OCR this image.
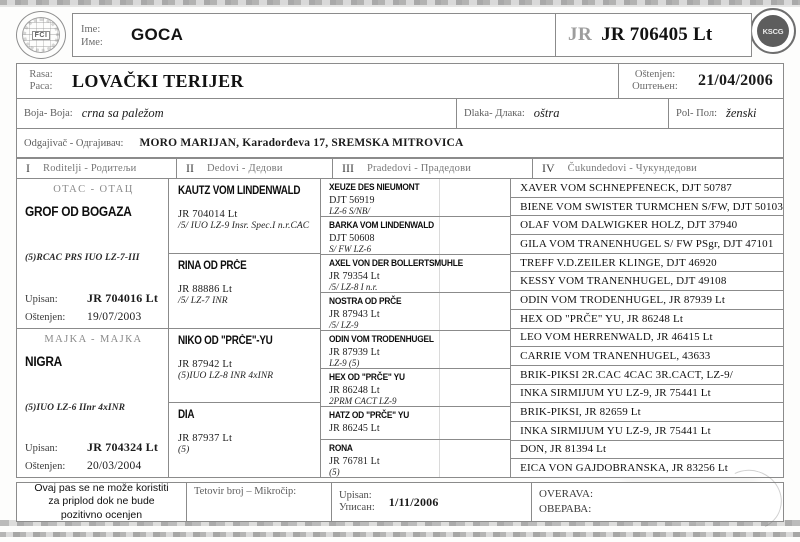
FCI	KSCG
Ime:
Име:	GOCA	JR JR 706405 Lt
Rasa:
Paca:	LOVAČKI TERIJER	Oštenjen:
Оштењен:	21/04/2006
Boja- Boja: crna sa paležom	Dlaka- Длака: oštra	Pol- Пол: ženski
Odgajivač - Одгајивач: MORO MARIJAN, Karadorđeva 17, SREMSKA MITROVICA
I Roditelji - Родитељи	II Dedovi - Дедови	III Pradedovi - Прадедови	IV Čukundedovi - Чукундедови
OTAC - ОТАЦ
GROF OD BOGAZA
(5)RCAC PRS IUO LZ-7-III
Upisan:	JR 704016 Lt
Oštenjen:	19/07/2003
MAJKA - МАЈКА
NIGRA
(5)IUO LZ-6 IInr 4xINR
Upisan:	JR 704324 Lt
Oštenjen:	20/03/2004
KAUTZ VOM LINDENWALD
JR 704014 Lt
/5/ IUO LZ-9 Insr. Spec.I n.r.CAC
RINA OD PRČE
JR 88886 Lt
/5/ LZ-7 INR
NIKO OD "PRČE"-YU
JR 87942 Lt
(5)IUO LZ-8 INR 4xINR
DIA
JR 87937 Lt
(5)
XEUZE DES NIEUMONT
DJT 56919
LZ-6 S/NB/
BARKA VOM LINDENWALD
DJT 50608
S/ FW LZ-6
AXEL VON DER BOLLERTSMUHLE
JR 79354 Lt
/5/ LZ-8 I n.r.
NOSTRA OD PRČE
JR 87943 Lt
/5/ LZ-9
ODIN VOM TRODENHUGEL
JR 87939 Lt
LZ-9 (5)
HEX OD "PRČE" YU
JR 86248 Lt
2PRM CACT LZ-9
HATZ OD "PRČE" YU
JR 86245 Lt
RONA
JR 76781 Lt
(5)
XAVER VOM SCHNEPFENECK, DJT 50787
BIENE VOM SWISTER TURMCHEN S/FW, DJT 50103
OLAF VOM DALWIGKER HOLZ, DJT 37940
GILA VOM TRANENHUGEL S/ FW PSgr, DJT 47101
TREFF V.D.ZEILER KLINGE, DJT 46920
KESSY VOM TRANENHUGEL, DJT 49108
ODIN VOM TRODENHUGEL, JR 87939 Lt
HEX OD "PRČE" YU, JR 86248 Lt
LEO VOM HERRENWALD, JR 46415 Lt
CARRIE VOM TRANENHUGEL, 43633
BRIK-PIKSI 2R.CAC 4CAC 3R.CACT, LZ-9/
INKA SIRMIJUM YU LZ-9, JR 75441 Lt
BRIK-PIKSI, JR 82659 Lt
INKA SIRMIJUM YU LZ-9, JR 75441 Lt
DON, JR 81394 Lt
EICA VON GAJDOBRANSKA, JR 83256 Lt
Ovaj pas se ne može koristiti
za priplod dok ne bude
pozitivno ocenjen
Tetovir broj – Mikročip:	Upisan:
Уписан: 1/11/2006
OVERAVA:
ОВЕРАВА:
